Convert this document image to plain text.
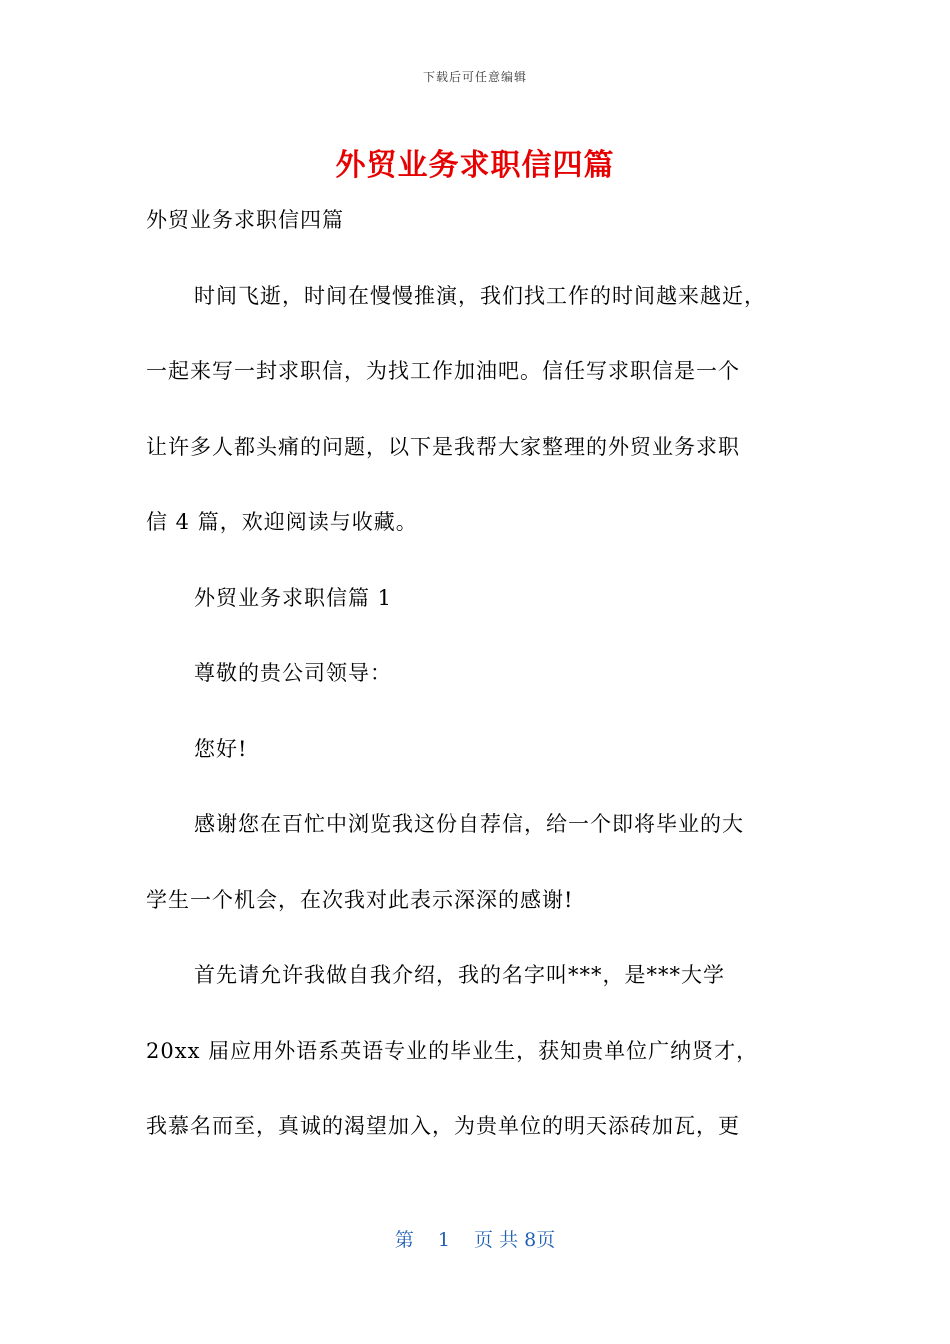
下载后可任意编辑
外贸业务求职信四篇
外贸业务求职信四篇
时间飞逝，时间在慢慢推演，我们找工作的时间越来越近，
一起来写一封求职信，为找工作加油吧。信任写求职信是一个
让许多人都头痛的问题，以下是我帮大家整理的外贸业务求职
信 4 篇，欢迎阅读与收藏。
外贸业务求职信篇 1
尊敬的贵公司领导：
您好!
感谢您在百忙中浏览我这份自荐信，给一个即将毕业的大
学生一个机会，在次我对此表示深深的感谢!
首先请允许我做自我介绍，我的名字叫***，是***大学
20xx 届应用外语系英语专业的毕业生，获知贵单位广纳贤才，
我慕名而至，真诚的渴望加入，为贵单位的明天添砖加瓦，更
第 1 页 共 8页
